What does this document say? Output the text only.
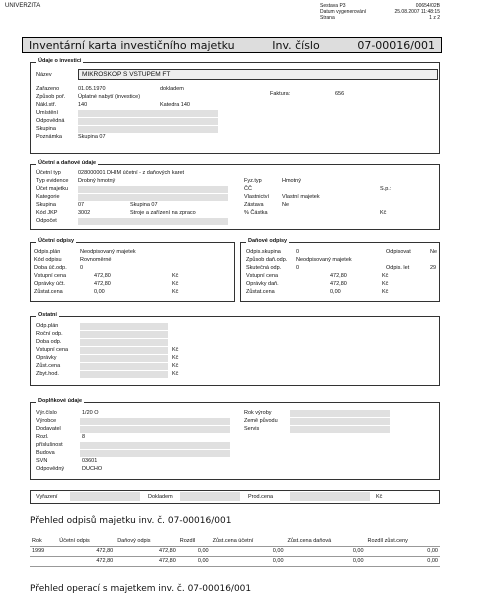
UNIVERZITA	Sestava P3	00654/02B
Datum vygenerování	25.08.2007 11:48:15
Strana	1 z 2
Inventární karta investičního majetku	Inv. číslo	07-00016/001
Údaje o investici
Název	MIKROSKOP S VSTUPEM FT
Faktura:	656
Účetní a daňové údaje
Účetní odpisy	Daňové odpisy
Ostatní
Doplňkové údaje
Vyřazení	Dokladem	Prod.cena	Kč
Přehled odpisů majetku inv. č. 07-00016/001
Rok	Účetní odpis	Daňový odpis	Rozdíl	Zůst.cena účetní	Zůst.cena daňová	Rozdíl zůst.ceny
1999	472,80	472,80	0,00	0,00	0,00	0,00
	472,80	472,80	0,00	0,00	0,00	0,00
Přehled operací s majetkem inv. č. 07-00016/001
Zařazeno	01.05.1970	dokladem
Způsob poř. Úplatné nabytí (investice)
Nákl.stř.	140	Katedra 140
Umístění
Odpovědná
Skupina
Poznámka	Skupina 07
Účetní typ	028000001 DHIM účetní - z daňových karet
Typ evidence Drobný hmotný
Účet majetku
Kategorie
Skupina	07	Skupina 07
Kód JKP	3002	Stroje a zařízení na zpraco
Odpočet
Fyz.typ	Hmotný
ČČ	S.p.:
Vlastnictví Vlastní majetek
Zástava	Ne
% Částka	Kč
Odpis.plán	Neodpisovaný majetek
Kód odpisu	Rovnoměrné
Doba úč.odp. 0
Vstupní cena	472,80	Kč
Oprávky účt.	472,80	Kč
Zůstat.cena	0,00	Kč
Odpis.skupina	0	Odpisovat	Ne
Způsob daň.odp. Neodpisovaný majetek
Skutečná odp.	0	Odpis. let	29
Vstupní cena	472,80	Kč
Oprávky daň.	472,80	Kč
Zůstat.cena	0,00	Kč
Odp.plán
Roční odp.
Doba odp.
Vstupní cena	Kč
Oprávky	Kč
Zůst.cena	Kč
Zbyt.hod.	Kč
Výr.číslo	1/20 O
Výrobce
Dodavatel
Rozl.	8
příslušnost
Budova
SVN	03601
Odpovědný	DUCHO
Rok výroby
Země původu
Servis
